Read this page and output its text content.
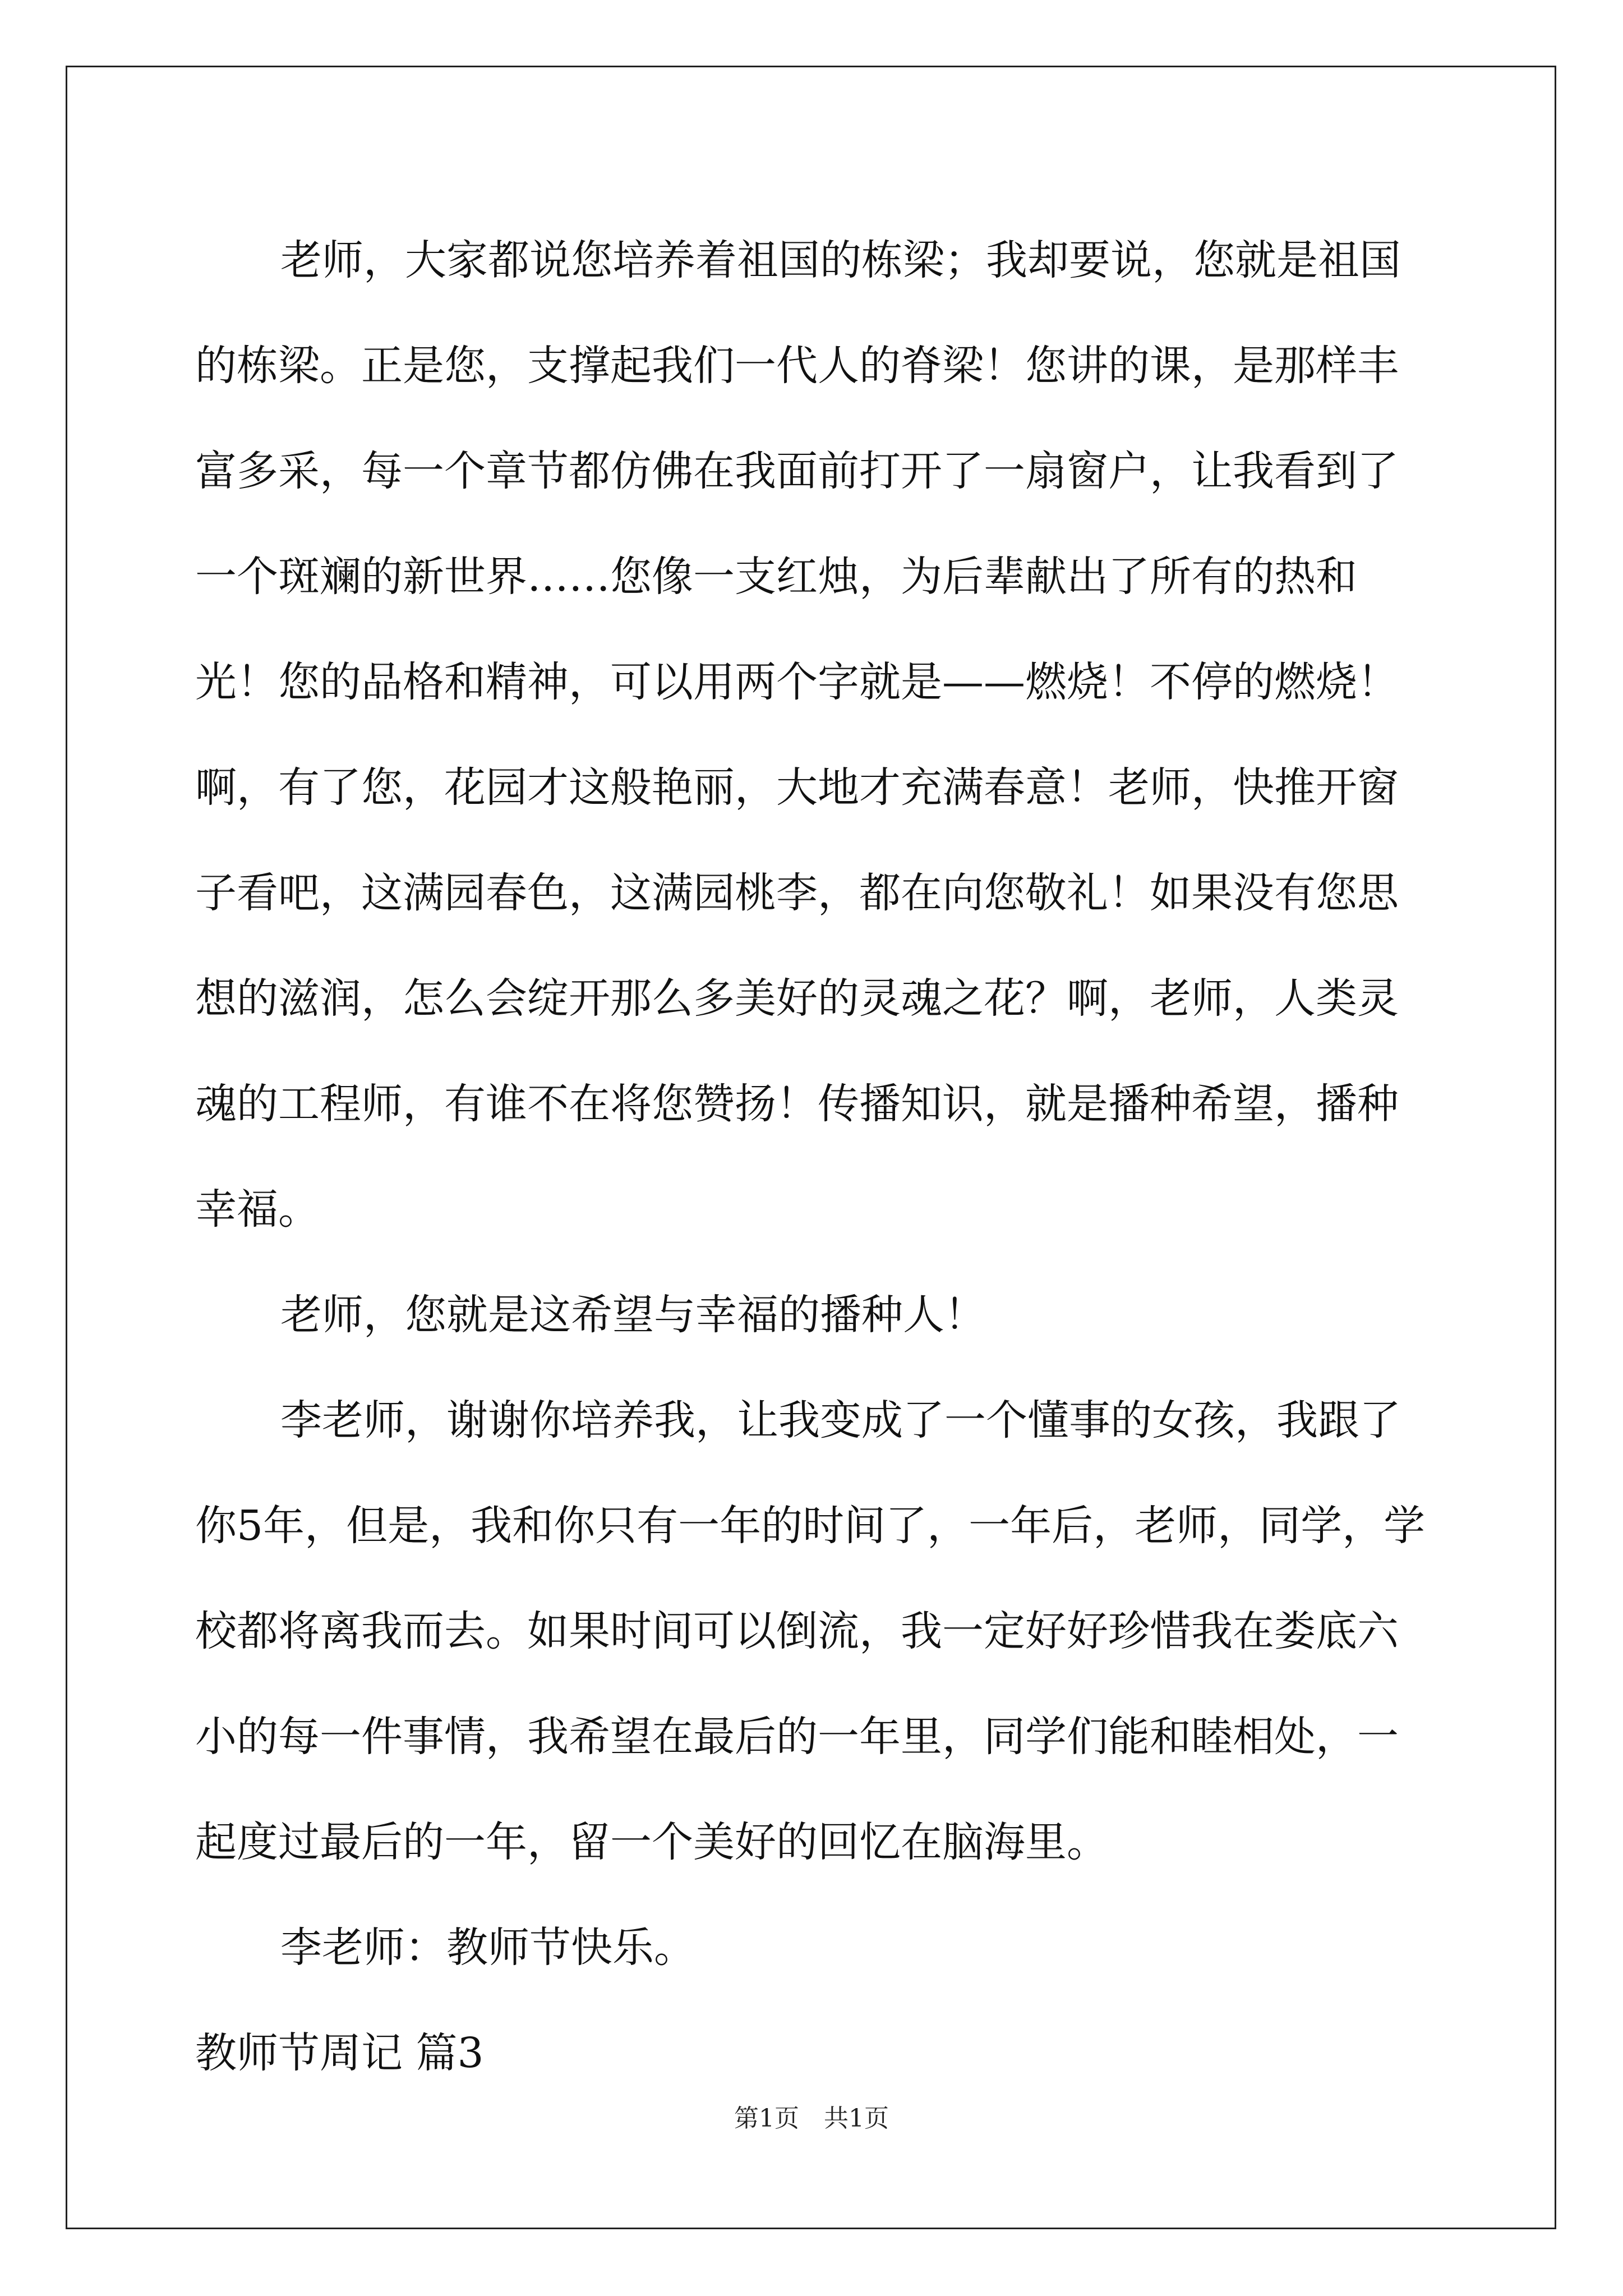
老师，大家都说您培养着祖国的栋梁；我却要说，您就是祖国的栋梁。正是您，支撑起我们一代人的脊梁！您讲的课，是那样丰富多采，每一个章节都仿佛在我面前打开了一扇窗户，让我看到了一个斑斓的新世界……您像一支红烛，为后辈献出了所有的热和光！您的品格和精神，可以用两个字就是——燃烧！不停的燃烧！啊，有了您，花园才这般艳丽，大地才充满春意！老师，快推开窗子看吧，这满园春色，这满园桃李，都在向您敬礼！如果没有您思想的滋润，怎么会绽开那么多美好的灵魂之花？啊，老师，人类灵魂的工程师，有谁不在将您赞扬！传播知识，就是播种希望，播种幸福。

老师，您就是这希望与幸福的播种人！

李老师，谢谢你培养我，让我变成了一个懂事的女孩，我跟了你5年，但是，我和你只有一年的时间了，一年后，老师，同学，学校都将离我而去。如果时间可以倒流，我一定好好珍惜我在娄底六小的每一件事情，我希望在最后的一年里，同学们能和睦相处，一起度过最后的一年，留一个美好的回忆在脑海里。

李老师：教师节快乐。

教师节周记 篇3

第1页　共1页
